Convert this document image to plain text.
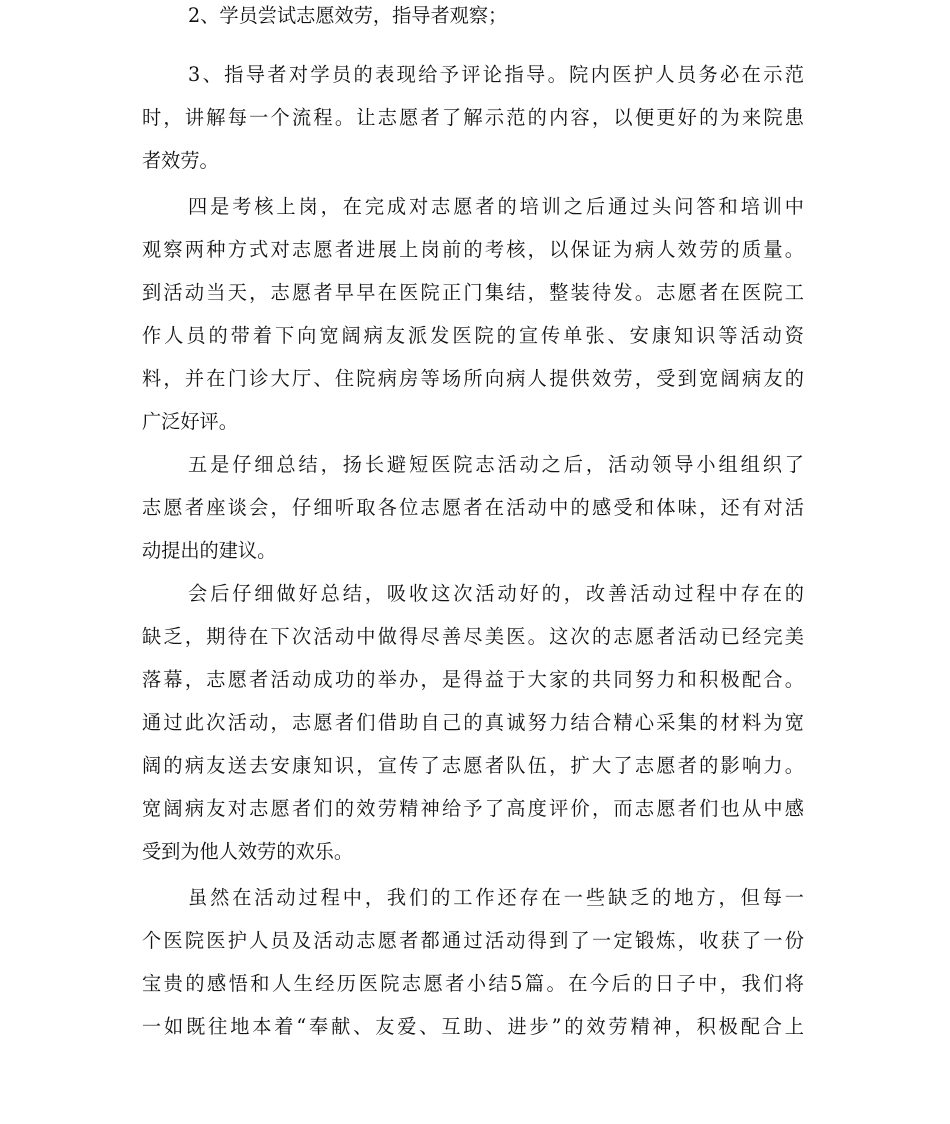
2、学员尝试志愿效劳，指导者观察；
3、指导者对学员的表现给予评论指导。院内医护人员务必在示范
时，讲解每一个流程。让志愿者了解示范的内容，以便更好的为来院患
者效劳。
四是考核上岗，在完成对志愿者的培训之后通过头问答和培训中
观察两种方式对志愿者进展上岗前的考核，以保证为病人效劳的质量。
到活动当天，志愿者早早在医院正门集结，整装待发。志愿者在医院工
作人员的带着下向宽阔病友派发医院的宣传单张、安康知识等活动资
料，并在门诊大厅、住院病房等场所向病人提供效劳，受到宽阔病友的
广泛好评。
五是仔细总结，扬长避短医院志活动之后，活动领导小组组织了
志愿者座谈会，仔细听取各位志愿者在活动中的感受和体味，还有对活
动提出的建议。
会后仔细做好总结，吸收这次活动好的，改善活动过程中存在的
缺乏，期待在下次活动中做得尽善尽美医。这次的志愿者活动已经完美
落幕，志愿者活动成功的举办，是得益于大家的共同努力和积极配合。
通过此次活动，志愿者们借助自己的真诚努力结合精心采集的材料为宽
阔的病友送去安康知识，宣传了志愿者队伍，扩大了志愿者的影响力。
宽阔病友对志愿者们的效劳精神给予了高度评价，而志愿者们也从中感
受到为他人效劳的欢乐。
虽然在活动过程中，我们的工作还存在一些缺乏的地方，但每一
个医院医护人员及活动志愿者都通过活动得到了一定锻炼，收获了一份
宝贵的感悟和人生经历医院志愿者小结5篇。在今后的日子中，我们将
一如既往地本着“奉献、友爱、互助、进步”的效劳精神，积极配合上
